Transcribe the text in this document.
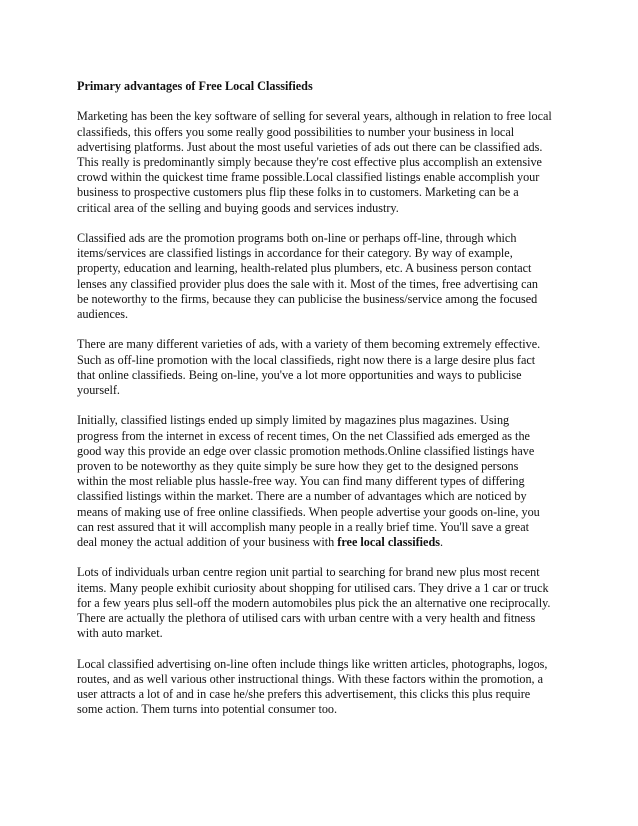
Primary advantages of Free Local Classifieds
Marketing has been the key software of selling for several years, although in relation to free local
classifieds, this offers you some really good possibilities to number your business in local
advertising platforms. Just about the most useful varieties of ads out there can be classified ads.
This really is predominantly simply because they're cost effective plus accomplish an extensive
crowd within the quickest time frame possible.Local classified listings enable accomplish your
business to prospective customers plus flip these folks in to customers. Marketing can be a
critical area of the selling and buying goods and services industry.
Classified ads are the promotion programs both on-line or perhaps off-line, through which
items/services are classified listings in accordance for their category. By way of example,
property, education and learning, health-related plus plumbers, etc. A business person contact
lenses any classified provider plus does the sale with it. Most of the times, free advertising can
be noteworthy to the firms, because they can publicise the business/service among the focused
audiences.
There are many different varieties of ads, with a variety of them becoming extremely effective.
Such as off-line promotion with the local classifieds, right now there is a large desire plus fact
that online classifieds. Being on-line, you've a lot more opportunities and ways to publicise
yourself.
Initially, classified listings ended up simply limited by magazines plus magazines. Using
progress from the internet in excess of recent times, On the net Classified ads emerged as the
good way this provide an edge over classic promotion methods.Online classified listings have
proven to be noteworthy as they quite simply be sure how they get to the designed persons
within the most reliable plus hassle-free way. You can find many different types of differing
classified listings within the market. There are a number of advantages which are noticed by
means of making use of free online classifieds. When people advertise your goods on-line, you
can rest assured that it will accomplish many people in a really brief time. You'll save a great
deal money the actual addition of your business with free local classifieds.
Lots of individuals urban centre region unit partial to searching for brand new plus most recent
items. Many people exhibit curiosity about shopping for utilised cars. They drive a 1 car or truck
for a few years plus sell-off the modern automobiles plus pick the an alternative one reciprocally.
There are actually the plethora of utilised cars with urban centre with a very health and fitness
with auto market.
Local classified advertising on-line often include things like written articles, photographs, logos,
routes, and as well various other instructional things. With these factors within the promotion, a
user attracts a lot of and in case he/she prefers this advertisement, this clicks this plus require
some action. Them turns into potential consumer too.
